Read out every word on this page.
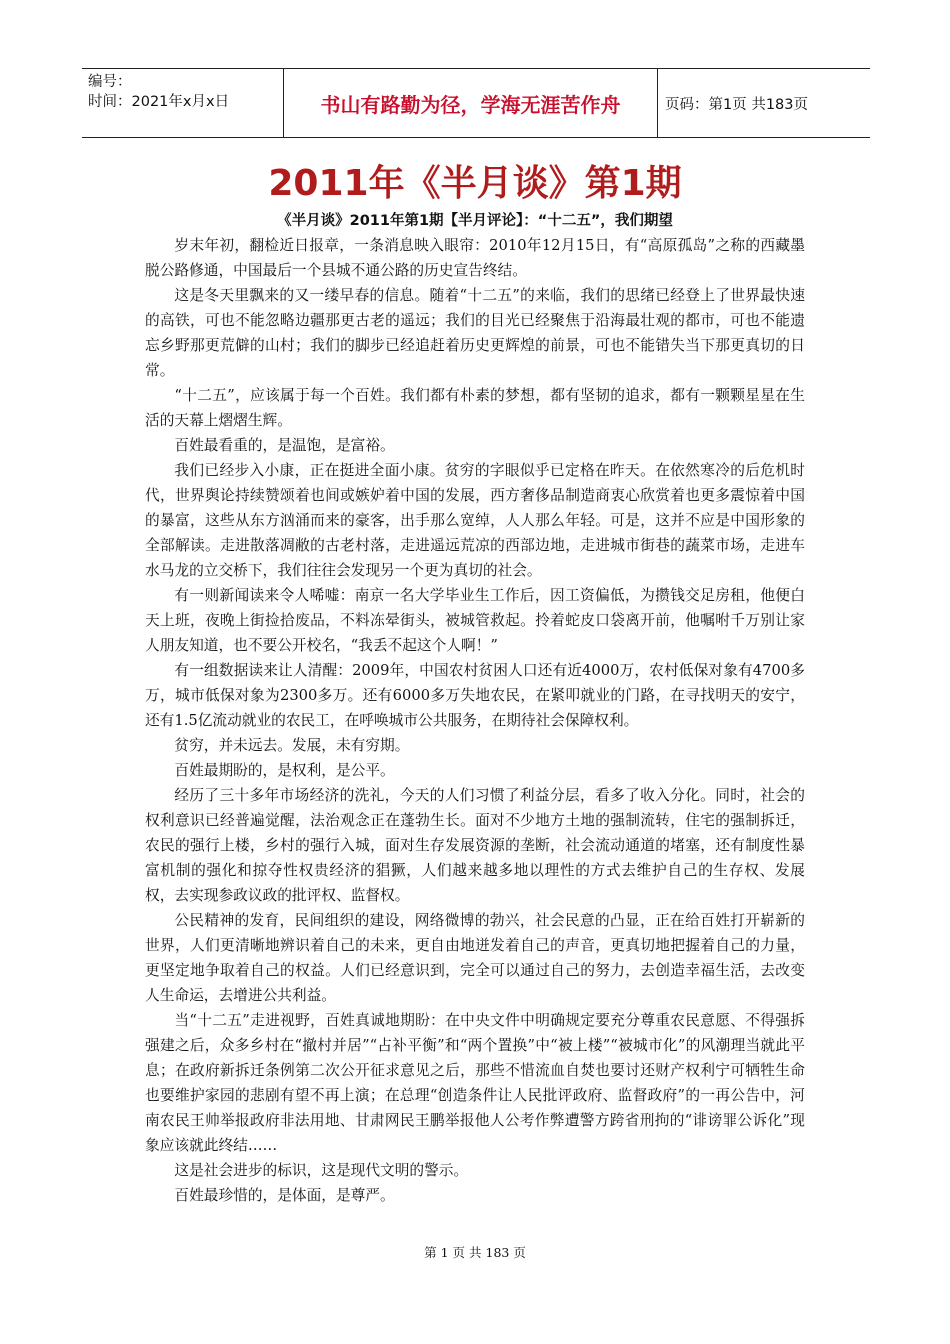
编号：
时间：2021年x月x日	书山有路勤为径，学海无涯苦作舟	页码：第1页 共183页
2011年《半月谈》第1期
《半月谈》2011年第1期【半月评论】：“十二五”，我们期望

岁末年初，翻检近日报章，一条消息映入眼帘：2010年12月15日，有“高原孤岛”之称的西藏墨脱公路修通，中国最后一个县城不通公路的历史宣告终结。

这是冬天里飘来的又一缕早春的信息。随着“十二五”的来临，我们的思绪已经登上了世界最快速的高铁，可也不能忽略边疆那更古老的遥远；我们的目光已经聚焦于沿海最壮观的都市，可也不能遗忘乡野那更荒僻的山村；我们的脚步已经追赶着历史更辉煌的前景，可也不能错失当下那更真切的日常。

“十二五”，应该属于每一个百姓。我们都有朴素的梦想，都有坚韧的追求，都有一颗颗星星在生活的天幕上熠熠生辉。

百姓最看重的，是温饱，是富裕。

我们已经步入小康，正在挺进全面小康。贫穷的字眼似乎已定格在昨天。在依然寒冷的后危机时代，世界舆论持续赞颂着也间或嫉妒着中国的发展，西方奢侈品制造商衷心欣赏着也更多震惊着中国的暴富，这些从东方汹涌而来的豪客，出手那么宽绰，人人那么年轻。可是，这并不应是中国形象的全部解读。走进散落凋敝的古老村落，走进遥远荒凉的西部边地，走进城市街巷的蔬菜市场，走进车水马龙的立交桥下，我们往往会发现另一个更为真切的社会。

有一则新闻读来令人唏嘘：南京一名大学毕业生工作后，因工资偏低，为攒钱交足房租，他便白天上班，夜晚上街捡拾废品，不料冻晕街头，被城管救起。拎着蛇皮口袋离开前，他嘱咐千万别让家人朋友知道，也不要公开校名，“我丢不起这个人啊！”

有一组数据读来让人清醒：2009年，中国农村贫困人口还有近4000万，农村低保对象有4700多万，城市低保对象为2300多万。还有6000多万失地农民，在紧叩就业的门路，在寻找明天的安宁，还有1.5亿流动就业的农民工，在呼唤城市公共服务，在期待社会保障权利。

贫穷，并未远去。发展，未有穷期。

百姓最期盼的，是权利，是公平。

经历了三十多年市场经济的洗礼，今天的人们习惯了利益分层，看多了收入分化。同时，社会的权利意识已经普遍觉醒，法治观念正在蓬勃生长。面对不少地方土地的强制流转，住宅的强制拆迁，农民的强行上楼，乡村的强行入城，面对生存发展资源的垄断，社会流动通道的堵塞，还有制度性暴富机制的强化和掠夺性权贵经济的猖獗，人们越来越多地以理性的方式去维护自己的生存权、发展权，去实现参政议政的批评权、监督权。

公民精神的发育，民间组织的建设，网络微博的勃兴，社会民意的凸显，正在给百姓打开崭新的世界，人们更清晰地辨识着自己的未来，更自由地迸发着自己的声音，更真切地把握着自己的力量，更坚定地争取着自己的权益。人们已经意识到，完全可以通过自己的努力，去创造幸福生活，去改变人生命运，去增进公共利益。

当“十二五”走进视野，百姓真诚地期盼：在中央文件中明确规定要充分尊重农民意愿、不得强拆强建之后，众多乡村在“撤村并居”“占补平衡”和“两个置换”中“被上楼”“被城市化”的风潮理当就此平息；在政府新拆迁条例第二次公开征求意见之后，那些不惜流血自焚也要讨还财产权利宁可牺牲生命也要维护家园的悲剧有望不再上演；在总理“创造条件让人民批评政府、监督政府”的一再公告中，河南农民王帅举报政府非法用地、甘肃网民王鹏举报他人公考作弊遭警方跨省刑拘的“诽谤罪公诉化”现象应该就此终结……

这是社会进步的标识，这是现代文明的警示。

百姓最珍惜的，是体面，是尊严。

第 1 页 共 183 页
